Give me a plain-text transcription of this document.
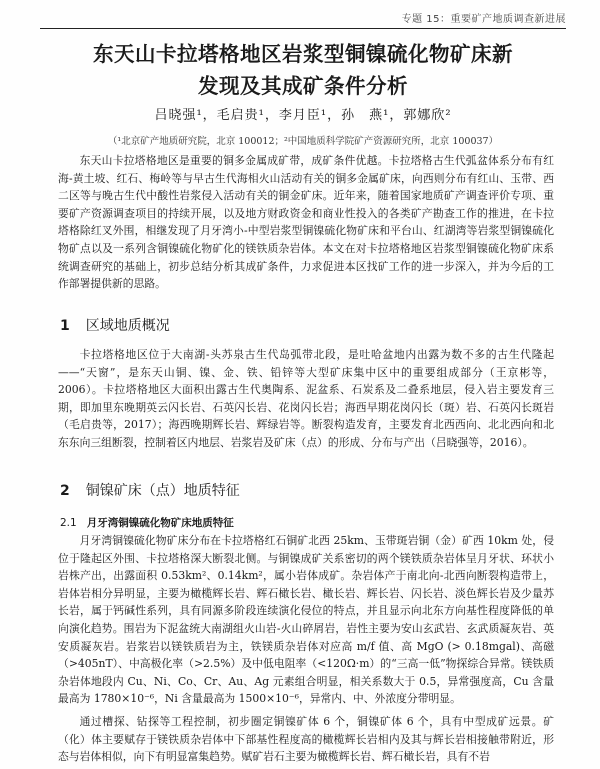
专题 15：重要矿产地质调查新进展
东天山卡拉塔格地区岩浆型铜镍硫化物矿床新
发现及其成矿条件分析
吕晓强¹，毛启贵¹，李月臣¹，孙　燕¹，郭娜欣²
（¹北京矿产地质研究院，北京 100012；²中国地质科学院矿产资源研究所，北京 100037）

东天山卡拉塔格地区是重要的铜多金属成矿带，成矿条件优越。卡拉塔格古生代弧盆体系分布有红海-黄土坡、红石、梅岭等与早古生代海相火山活动有关的铜多金属矿床，向西则分布有红山、玉带、西二区等与晚古生代中酸性岩浆侵入活动有关的铜金矿床。近年来，随着国家地质矿产调查评价专项、重要矿产资源调查项目的持续开展，以及地方财政资金和商业性投入的各类矿产勘查工作的推进，在卡拉塔格除红叉外围，相继发现了月牙湾小-中型岩浆型铜镍硫化物矿床和平台山、红湖湾等岩浆型铜镍硫化物矿点以及一系列含铜镍硫化物矿化的镁铁质杂岩体。本文在对卡拉塔格地区岩浆型铜镍硫化物矿床系统调查研究的基础上，初步总结分析其成矿条件，力求促进本区找矿工作的进一步深入，并为今后的工作部署提供新的思路。

1 区域地质概况

卡拉塔格地区位于大南湖-头苏泉古生代岛弧带北段，是吐哈盆地内出露为数不多的古生代隆起——“天窗”，是东天山铜、镍、金、铁、铅锌等大型矿床集中区中的重要组成部分（王京彬等，2006）。卡拉塔格地区大面积出露古生代奥陶系、泥盆系、石炭系及二叠系地层，侵入岩主要发育三期，即加里东晚期英云闪长岩、石英闪长岩、花岗闪长岩；海西早期花岗闪长（斑）岩、石英闪长斑岩（毛启贵等，2017）；海西晚期辉长岩、辉绿岩等。断裂构造发育，主要发育北西西向、北北西向和北东东向三组断裂，控制着区内地层、岩浆岩及矿床（点）的形成、分布与产出（吕晓强等，2016）。

2 铜镍矿床（点）地质特征
2.1 月牙湾铜镍硫化物矿床地质特征

月牙湾铜镍硫化物矿床分布在卡拉塔格红石铜矿北西 25km、玉带斑岩铜（金）矿西 10km 处，侵位于隆起区外围、卡拉塔格深大断裂北侧。与铜镍成矿关系密切的两个镁铁质杂岩体呈月牙状、环状小岩株产出，出露面积 0.53km²、0.14km²，属小岩体成矿。杂岩体产于南北向-北西向断裂构造带上，岩体岩相分异明显，主要为橄榄辉长岩、辉石橄长岩、橄长岩、辉长岩、闪长岩、淡色辉长岩及少量苏长岩，属于钙碱性系列，具有同源多阶段连续演化侵位的特点，并且显示向北东方向基性程度降低的单向演化趋势。围岩为下泥盆统大南湖组火山岩-火山碎屑岩，岩性主要为安山玄武岩、玄武质凝灰岩、英安质凝灰岩。岩浆岩以镁铁质岩为主，铁镁质杂岩体对应高 m/f 值、高 MgO (> 0.18mgal)、高磁（>405nT）、中高极化率（>2.5%）及中低电阻率（<120Ω·m）的“三高一低”物探综合异常。镁铁质杂岩体地段内 Cu、Ni、Co、Cr、Au、Ag 元素组合明显，相关系数大于 0.5，异常强度高，Cu 含量最高为 1780×10⁻⁶，Ni 含量最高为 1500×10⁻⁶，异常内、中、外浓度分带明显。

通过槽探、钻探等工程控制，初步圈定铜镍矿体 6 个，铜镍矿体 6 个，具有中型成矿远景。矿（化）体主要赋存于镁铁质杂岩体中下部基性程度高的橄榄辉长岩相内及其与辉长岩相接触带附近，形态与岩体相似，向下有明显富集趋势。赋矿岩石主要为橄榄辉长岩、辉石橄长岩，具有不岩
